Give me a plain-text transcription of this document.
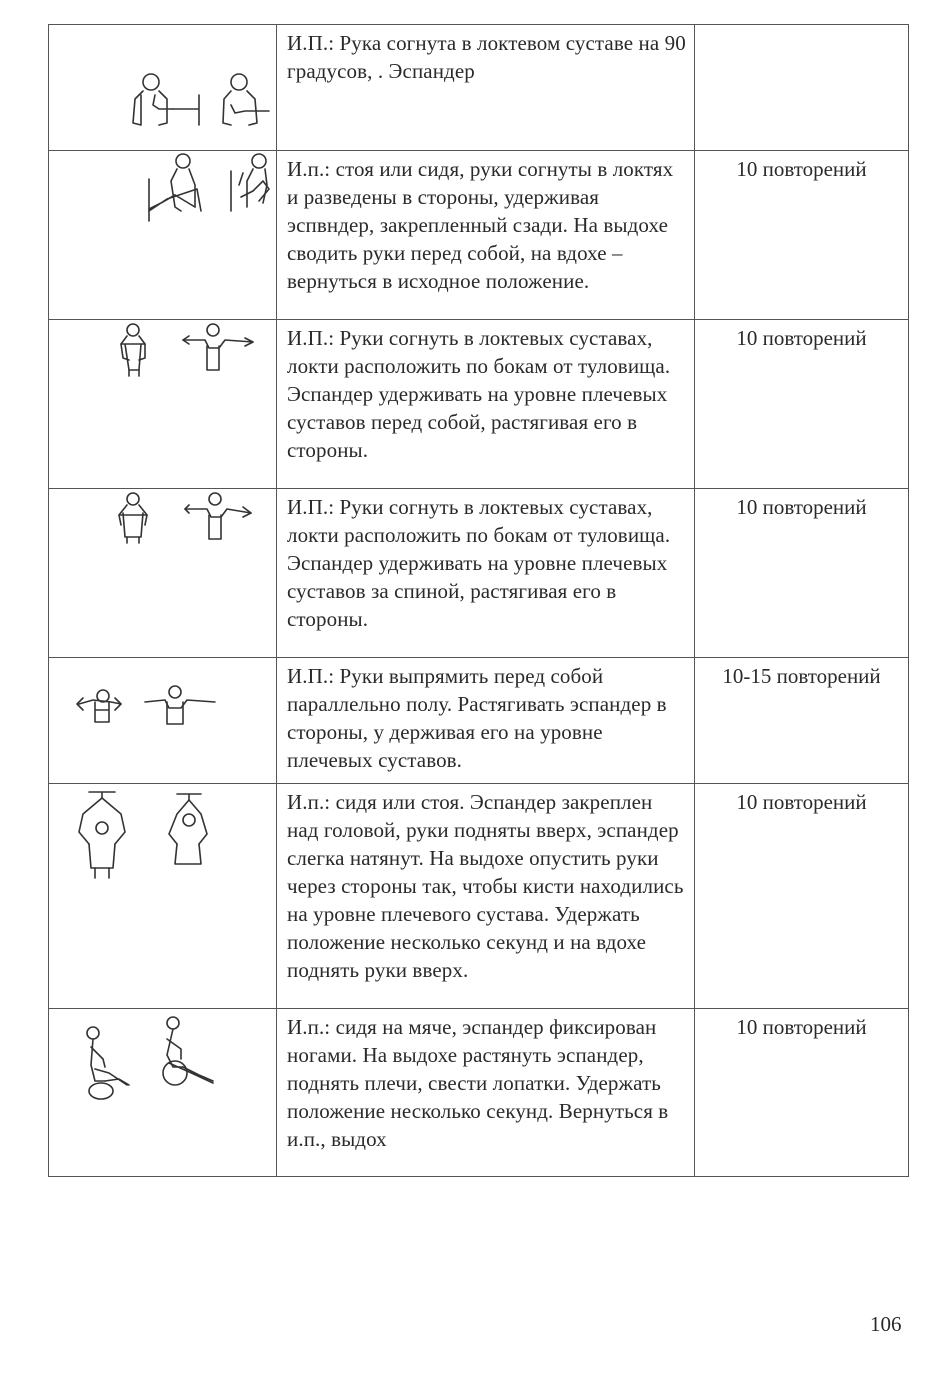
	И.П.: Рука согнута в локтевом суставе на 90 градусов, . Эспандер	

	И.п.: стоя или сидя, руки согнуты в локтях и разведены в стороны, удерживая эспвндер, закрепленный сзади. На выдохе сводить руки перед собой, на вдохе – вернуться в исходное положение.	10 повторений

	И.П.: Руки согнуть в локтевых суставах, локти расположить по бокам от туловища. Эспандер удерживать на уровне плечевых суставов перед собой, растягивая его в стороны.	10 повторений

	И.П.: Руки согнуть в локтевых суставах, локти расположить по бокам от туловища. Эспандер удерживать на уровне плечевых суставов за спиной, растягивая его в стороны.	10 повторений

	И.П.: Руки выпрямить перед собой параллельно полу. Растягивать эспандер в стороны, у держивая его на уровне плечевых суставов.	10-15 повторений

	И.п.: сидя или стоя. Эспандер закреплен над головой, руки подняты вверх, эспандер слегка натянут. На выдохе опустить руки через стороны так, чтобы кисти находились на уровне плечевого сустава. Удержать положение несколько секунд и на вдохе поднять руки вверх.	10 повторений

	И.п.: сидя на мяче, эспандер фиксирован ногами. На выдохе растянуть эспандер, поднять плечи, свести лопатки. Удержать положение несколько секунд. Вернуться в и.п., выдох	10 повторений
106
